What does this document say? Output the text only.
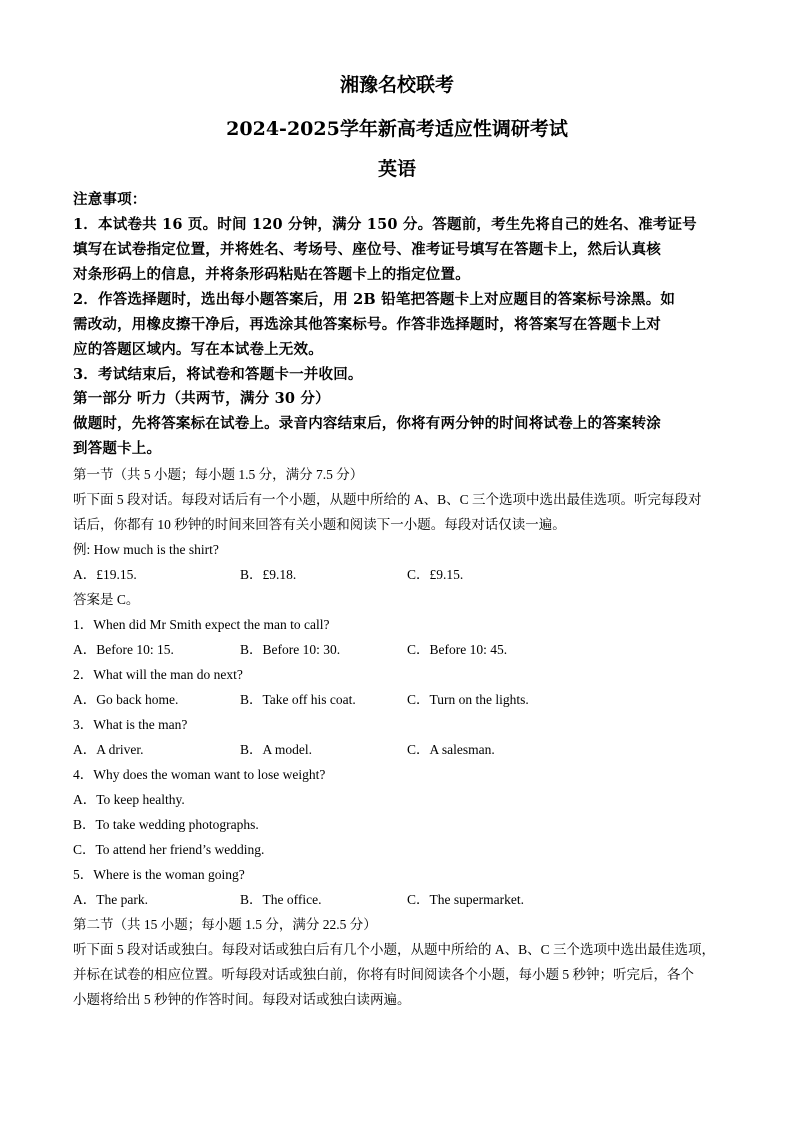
湘豫名校联考
2024-2025学年新高考适应性调研考试
英语
注意事项：
1．本试卷共 16 页。时间 120 分钟，满分 150 分。答题前，考生先将自己的姓名、准考证号
填写在试卷指定位置，并将姓名、考场号、座位号、准考证号填写在答题卡上，然后认真核
对条形码上的信息，并将条形码粘贴在答题卡上的指定位置。
2．作答选择题时，选出每小题答案后，用 2B 铅笔把答题卡上对应题目的答案标号涂黑。如
需改动，用橡皮擦干净后，再选涂其他答案标号。作答非选择题时，将答案写在答题卡上对
应的答题区域内。写在本试卷上无效。
3．考试结束后，将试卷和答题卡一并收回。
第一部分 听力（共两节，满分 30 分）
做题时，先将答案标在试卷上。录音内容结束后，你将有两分钟的时间将试卷上的答案转涂
到答题卡上。
第一节（共 5 小题；每小题 1.5 分，满分 7.5 分）
听下面 5 段对话。每段对话后有一个小题，从题中所给的 A、B、C 三个选项中选出最佳选项。听完每段对
话后，你都有 10 秒钟的时间来回答有关小题和阅读下一小题。每段对话仅读一遍。
例: How much is the shirt?
A．£19.15.	B．£9.18.	C．£9.15.
答案是 C。
1．When did Mr Smith expect the man to call?
A．Before 10: 15.	B．Before 10: 30.	C．Before 10: 45.
2．What will the man do next?
A．Go back home.	B．Take off his coat.	C．Turn on the lights.
3．What is the man?
A．A driver.	B．A model.	C．A salesman.
4．Why does the woman want to lose weight?
A．To keep healthy.
B．To take wedding photographs.
C．To attend her friend’s wedding.
5．Where is the woman going?
A．The park.	B．The office.	C．The supermarket.
第二节（共 15 小题；每小题 1.5 分，满分 22.5 分）
听下面 5 段对话或独白。每段对话或独白后有几个小题，从题中所给的 A、B、C 三个选项中选出最佳选项，
并标在试卷的相应位置。听每段对话或独白前，你将有时间阅读各个小题，每小题 5 秒钟；听完后，各个
小题将给出 5 秒钟的作答时间。每段对话或独白读两遍。
